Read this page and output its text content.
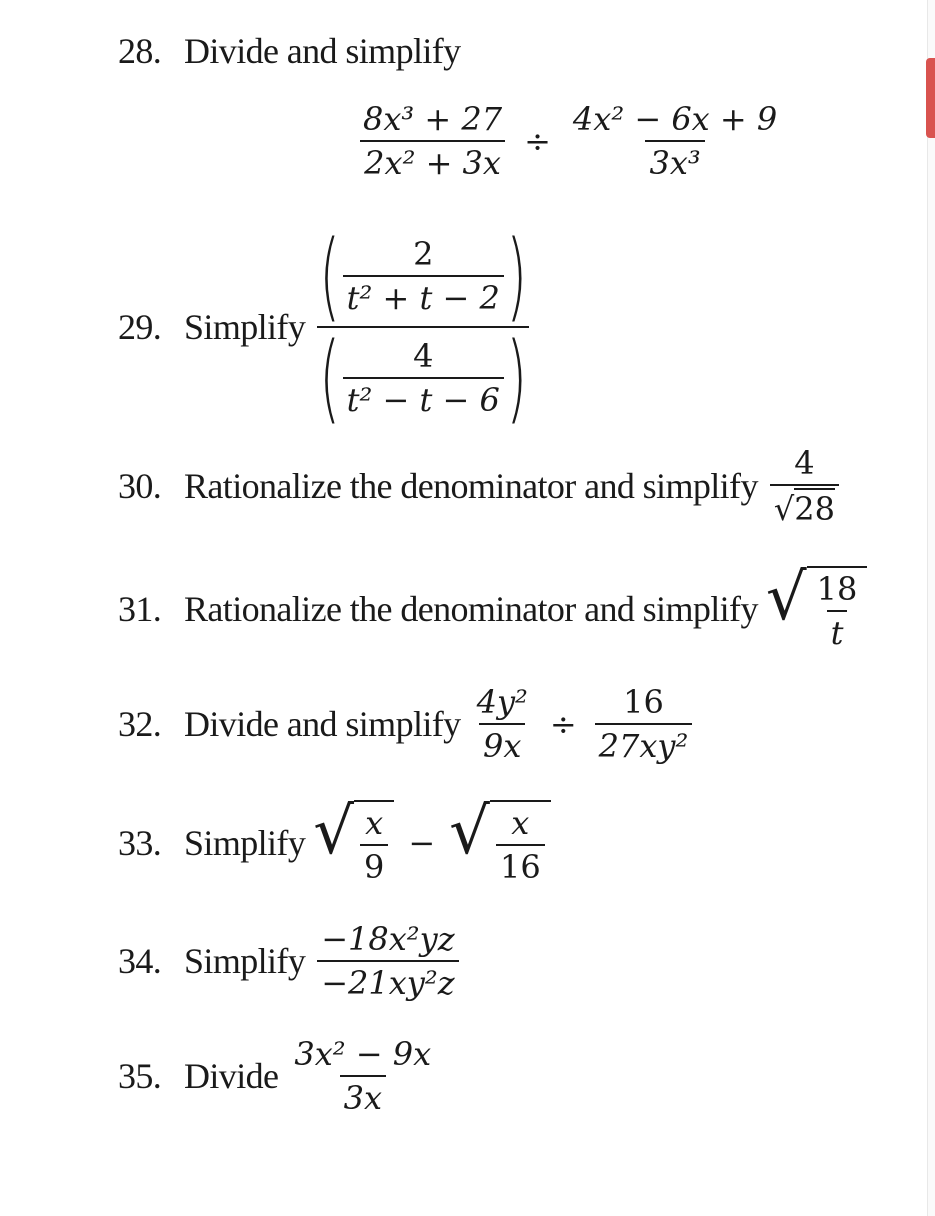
28. Divide and simplify
$\frac{\text{8x³ + 27}}{\text{2x² + 3x}} \div \frac{\text{4x² − 6x + 9}}{\text{3x³}}$
29. Simplify ( $\frac{2}{\text{t² + t − 2}}$ )
( $\frac{4}{\text{t² − t − 6}}$ )
30. Rationalize the denominator and simplify $\frac{4}{√ 28}$
31. Rationalize the denominator and simplify √ $\frac{18}{t}$
32. Divide and simplify $\frac{\text{4y²}}{9x} \div \frac{16}{\text{27xy²}}$
33. Simplify √ $\frac{x}{9}$ − √ $\frac{x}{16}$
34. Simplify $\frac{\text{−18x²yz}}{\text{−21xy²z}}$
35. Divide $\frac{\text{3x² − 9x}}{3x}$
